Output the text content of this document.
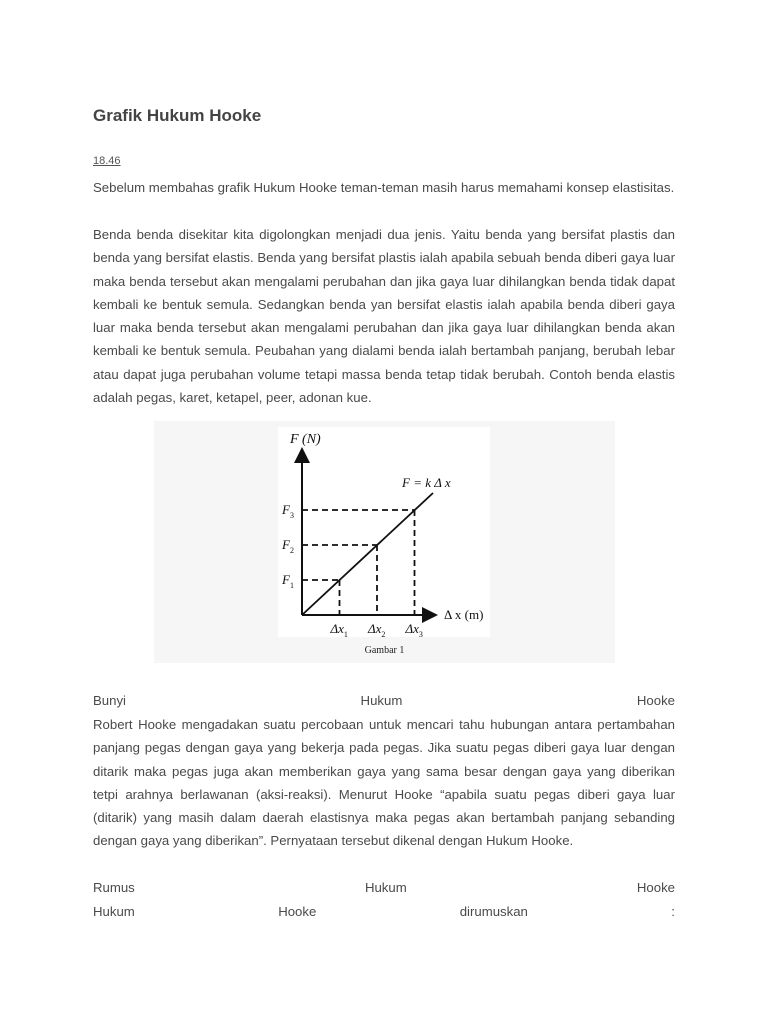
Grafik Hukum Hooke
18.46

Sebelum membahas grafik Hukum Hooke teman-teman masih harus memahami konsep elastisitas.

Benda benda disekitar kita digolongkan menjadi dua jenis. Yaitu benda yang bersifat plastis dan benda yang bersifat elastis. Benda yang bersifat plastis ialah apabila sebuah benda diberi gaya luar maka benda tersebut akan mengalami perubahan dan jika gaya luar dihilangkan benda tidak dapat kembali ke bentuk semula. Sedangkan benda yan bersifat elastis ialah apabila benda diberi gaya luar maka benda tersebut akan mengalami perubahan dan jika gaya luar dihilangkan benda akan kembali ke bentuk semula. Peubahan yang dialami benda ialah bertambah panjang, berubah lebar atau dapat juga perubahan volume tetapi massa benda tetap tidak berubah. Contoh benda elastis adalah pegas, karet, ketapel, peer, adonan kue.

F (N)
Δ x (m)
F = k Δ x
$F_1$
$\Delta x_1$
$F_2$
$\Delta x_2$
$F_3$
$\Delta x_3$
Gambar 1
Bunyi	Hukum	Hooke

Robert Hooke mengadakan suatu percobaan untuk mencari tahu hubungan antara pertambahan panjang pegas dengan gaya yang bekerja pada pegas. Jika suatu pegas diberi gaya luar dengan ditarik maka pegas juga akan memberikan gaya yang sama besar dengan gaya yang diberikan tetpi arahnya berlawanan (aksi-reaksi). Menurut Hooke “apabila suatu pegas diberi gaya luar (ditarik) yang masih dalam daerah elastisnya maka pegas akan bertambah panjang sebanding dengan gaya yang diberikan”. Pernyataan tersebut dikenal dengan Hukum Hooke.

Rumus	Hukum	Hooke
Hukum	Hooke	dirumuskan	:
